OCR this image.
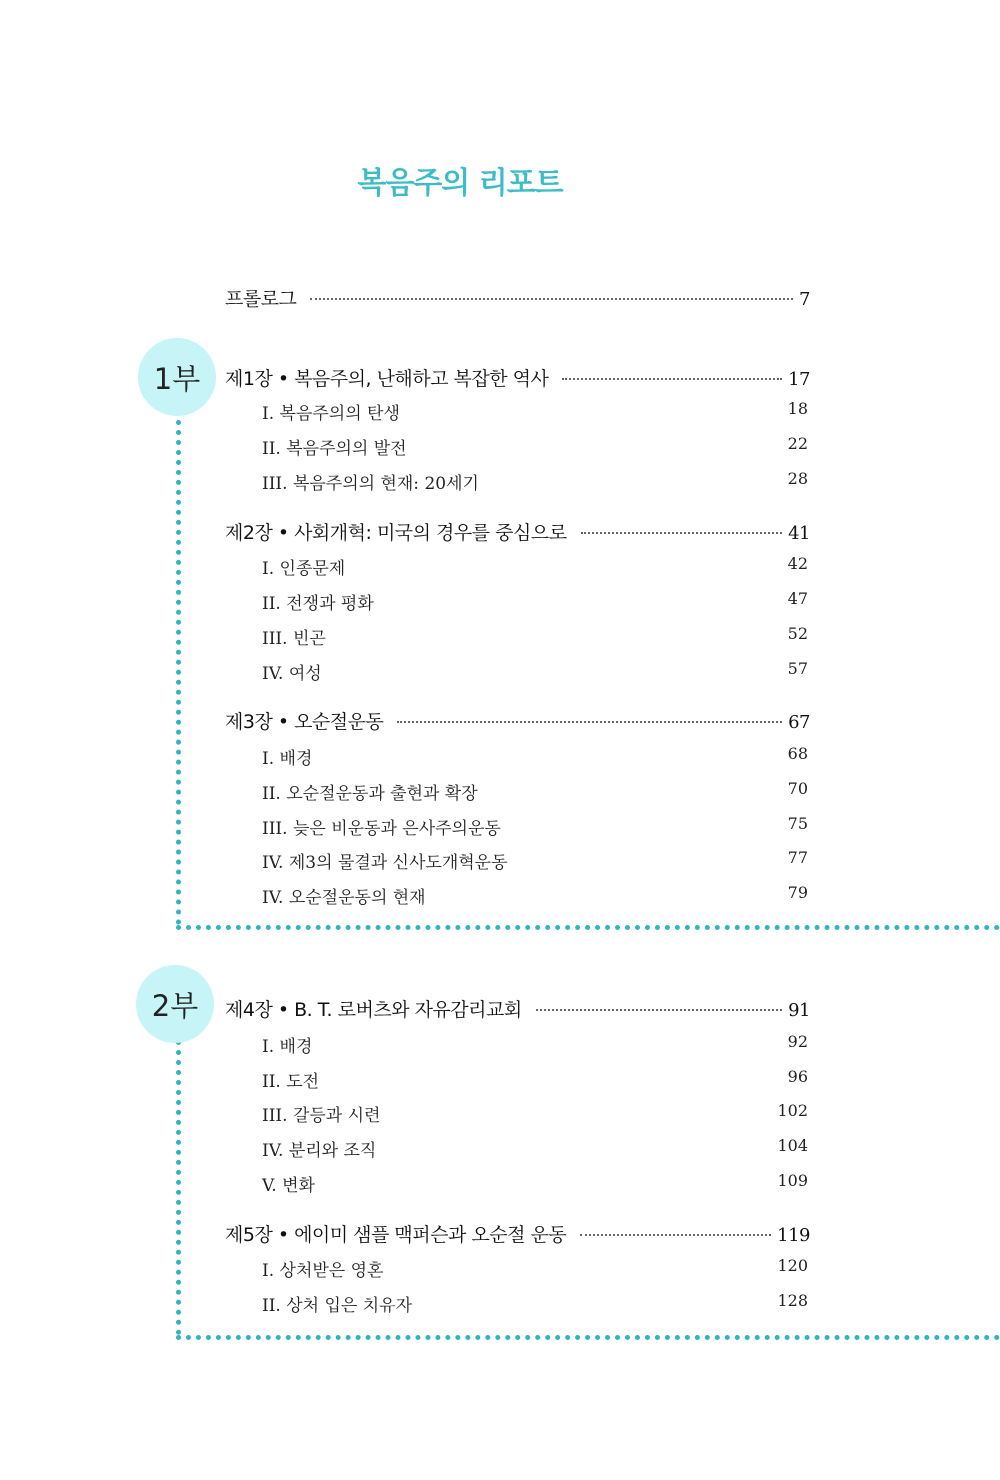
복음주의 리포트
프롤로그	7
1부	제1장 • 복음주의, 난해하고 복잡한 역사	17
I. 복음주의의 탄생	18
II. 복음주의의 발전	22
III. 복음주의의 현재: 20세기	28
제2장 • 사회개혁: 미국의 경우를 중심으로	41
Ⅰ. 인종문제	42
II. 전쟁과 평화	47
III. 빈곤	52
IV. 여성	57
제3장 • 오순절운동	67
I. 배경	68
II. 오순절운동과 출현과 확장	70
III. 늦은 비운동과 은사주의운동	75
IV. 제3의 물결과 신사도개혁운동	77
IV. 오순절운동의 현재	79
2부	제4장 • B. T. 로버츠와 자유감리교회	91
I. 배경	92
II. 도전	96
III. 갈등과 시련	102
IV. 분리와 조직	104
V. 변화	109
제5장 • 에이미 샘플 맥퍼슨과 오순절 운동	119
I. 상처받은 영혼	120
II. 상처 입은 치유자	128
